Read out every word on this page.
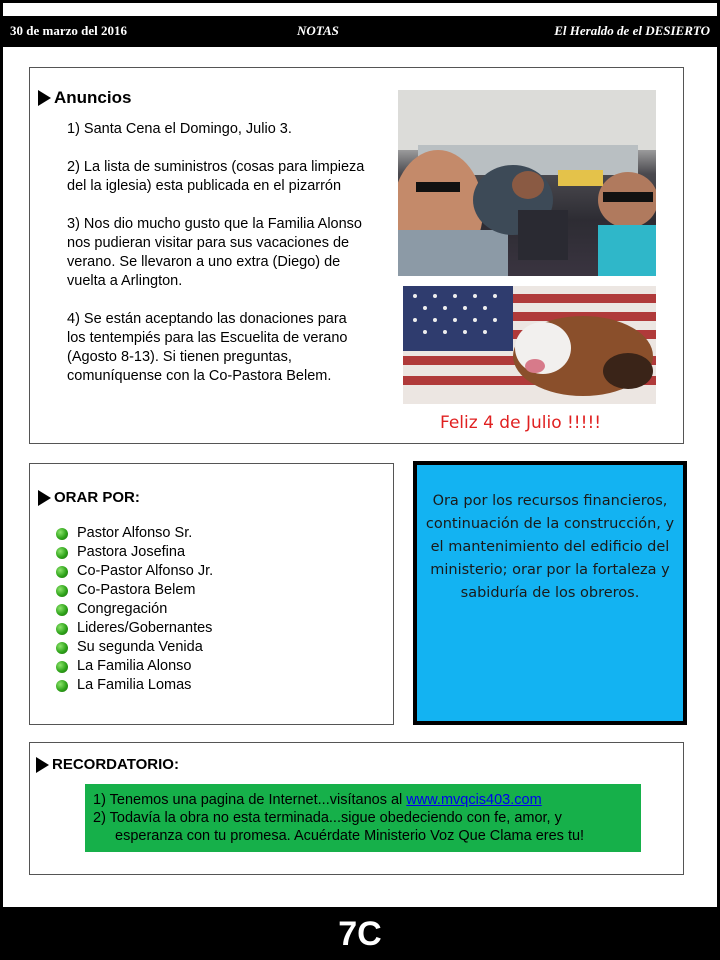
30 de marzo del 2016	NOTAS	El Heraldo de el DESIERTO
Anuncios

1) Santa Cena el Domingo, Julio 3.

2) La lista de suministros (cosas para limpieza del la iglesia) esta publicada en el pizarrón

3) Nos dio mucho gusto que la Familia Alonso nos pudieran visitar para sus vacaciones de verano. Se llevaron a uno extra (Diego) de vuelta a Arlington.

4) Se están aceptando las donaciones para los tentempiés para las Escuelita de verano (Agosto 8-13). Si tienen preguntas, comuníquense con la Co-Pastora Belem.

Feliz 4 de Julio !!!!!
ORAR POR:
Pastor Alfonso Sr.
Pastora Josefina
Co-Pastor Alfonso Jr.
Co-Pastora Belem
Congregación
Lideres/Gobernantes
Su segunda Venida
La Familia Alonso
La Familia Lomas

Ora por los recursos financieros, continuación de la construcción, y el mantenimiento del edificio del ministerio; orar por la fortaleza y sabiduría de los obreros.

RECORDATORIO:
1) Tenemos una pagina de Internet...visítanos al www.mvqcis403.com
2) Todavía la obra no esta terminada...sigue obedeciendo con fe, amor, y
esperanza con tu promesa. Acuérdate Ministerio Voz Que Clama eres tu!
7C
